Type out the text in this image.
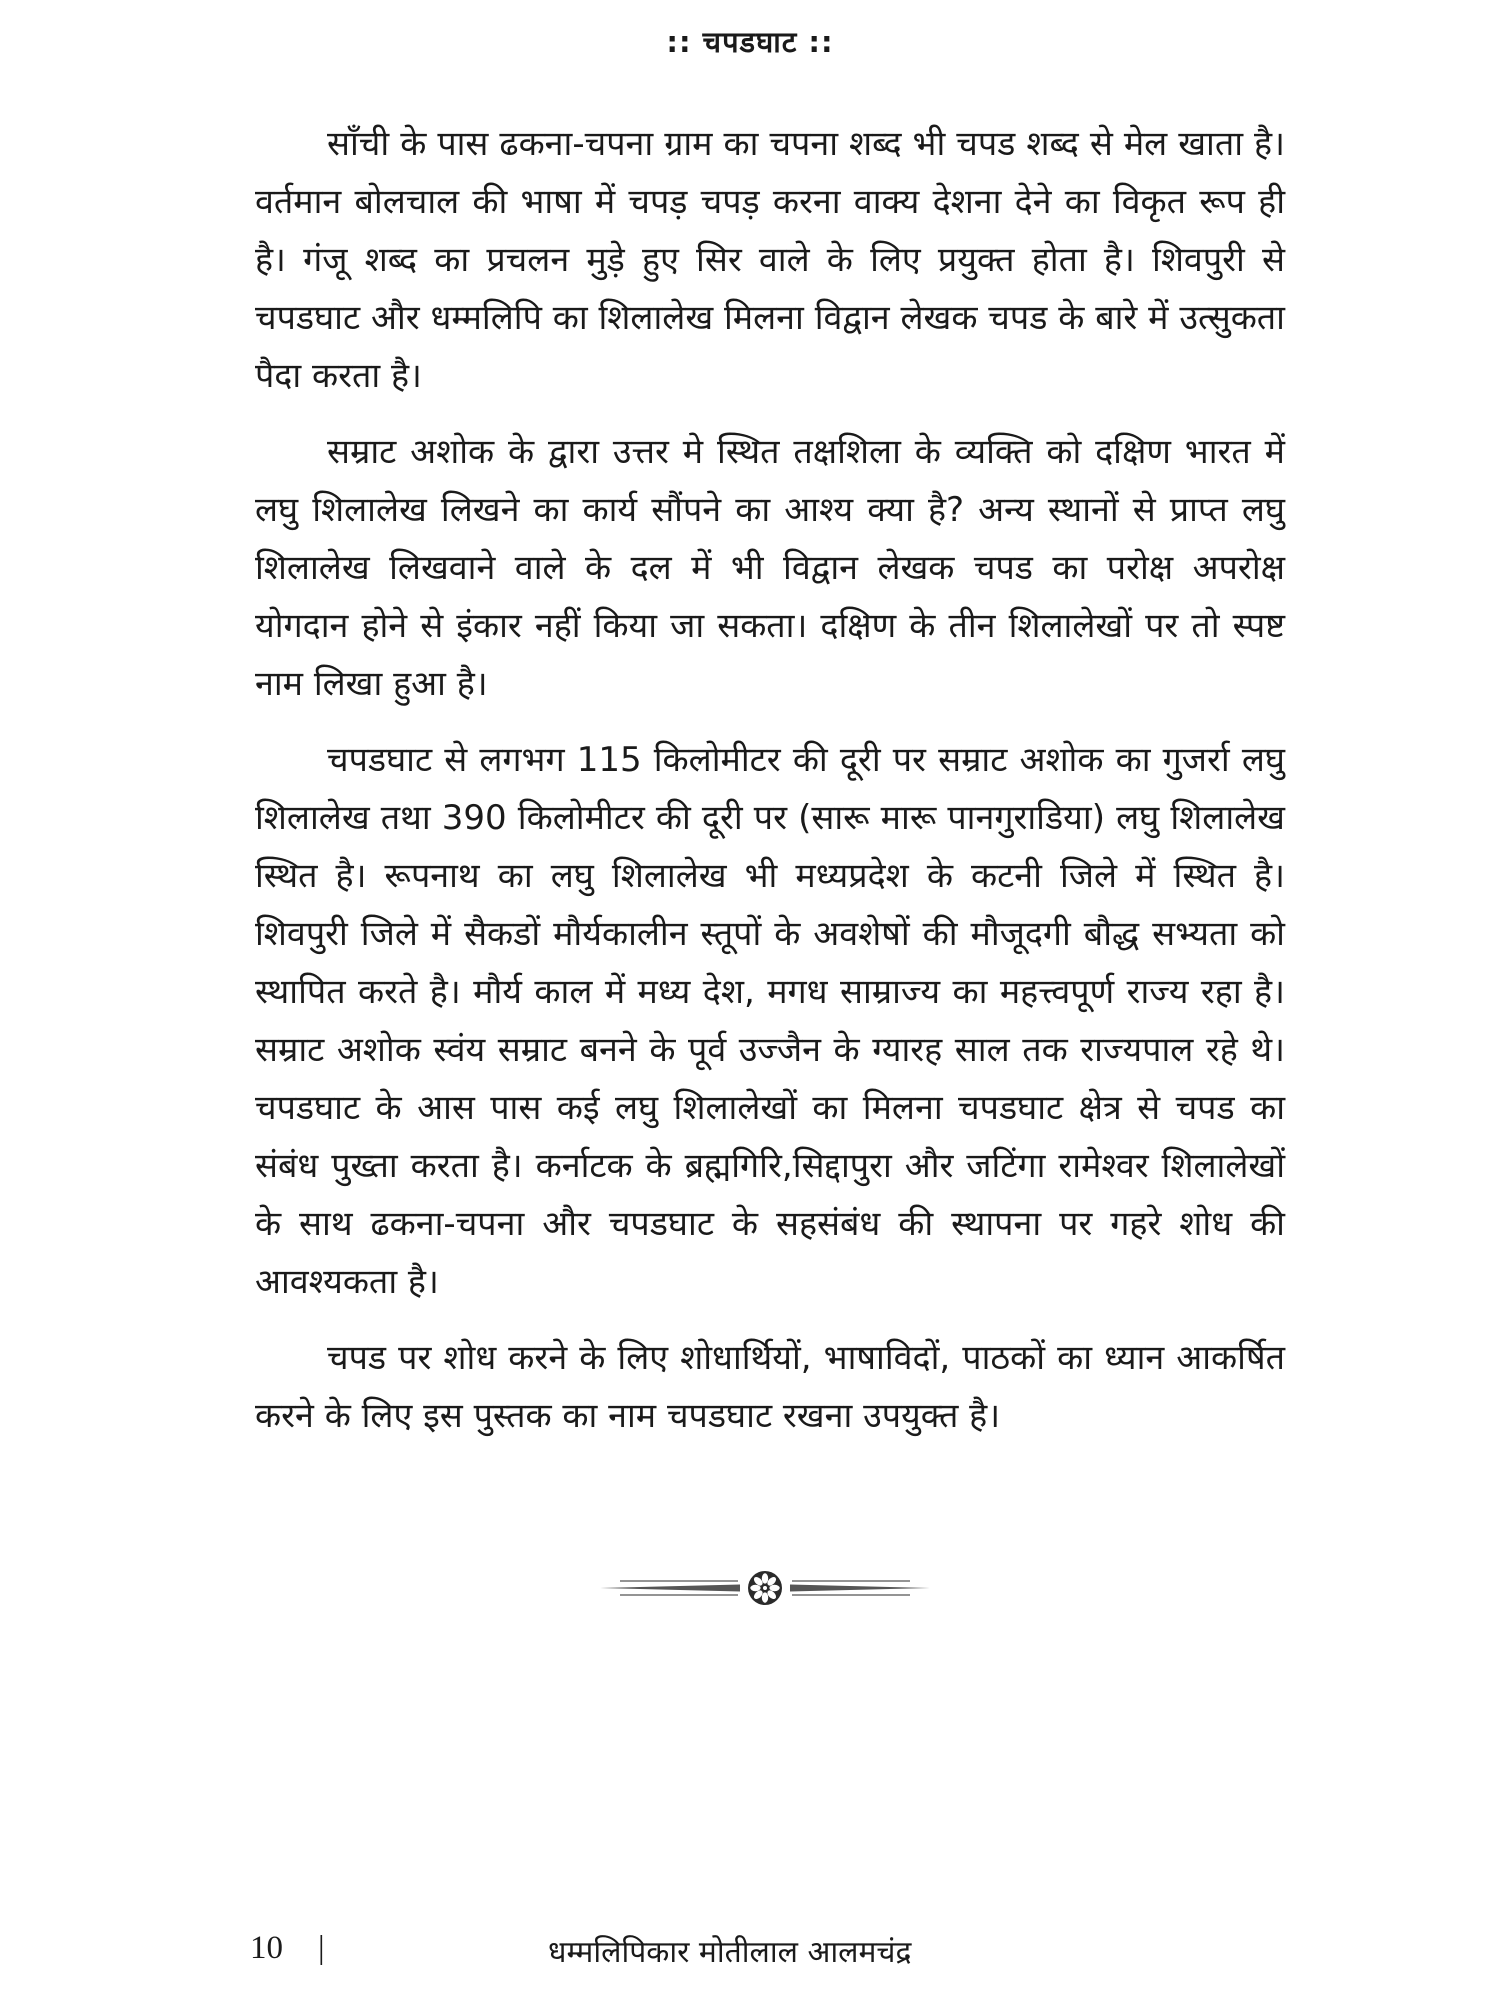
:: चपडघाट ::

साँची के पास ढकना-चपना ग्राम का चपना शब्द भी चपड शब्द से मेल खाता है।वर्तमान बोलचाल की भाषा में चपड़ चपड़ करना वाक्य देशना देने का विकृत रूप ही है। गंजू शब्द का प्रचलन मुड़े हुए सिर वाले के लिए प्रयुक्त होता है। शिवपुरी से चपडघाट और धम्मलिपि का शिलालेख मिलना विद्वान लेखक चपड के बारे में उत्सुकता पैदा करता है।

सम्राट अशोक के द्वारा उत्तर मे स्थित तक्षशिला के व्यक्ति को दक्षिण भारत में लघु शिलालेख लिखने का कार्य सौंपने का आश्य क्या है? अन्य स्थानों से प्राप्त लघु शिलालेख लिखवाने वाले के दल में भी विद्वान लेखक चपड का परोक्ष अपरोक्ष योगदान होने से इंकार नहीं किया जा सकता। दक्षिण के तीन शिलालेखों पर तो स्पष्ट नाम लिखा हुआ है।

चपडघाट से लगभग 115 किलोमीटर की दूरी पर सम्राट अशोक का गुजर्रा लघु शिलालेख तथा 390 किलोमीटर की दूरी पर (सारू मारू पानगुराडिया) लघु शिलालेख स्थित है। रूपनाथ का लघु शिलालेख भी मध्यप्रदेश के कटनी जिले में स्थित है। शिवपुरी जिले में सैकडों मौर्यकालीन स्तूपों के अवशेषों की मौजूदगी बौद्ध सभ्यता को स्थापित करते है। मौर्य काल में मध्य देश, मगध साम्राज्य का महत्त्वपूर्ण राज्य रहा है। सम्राट अशोक स्वंय सम्राट बनने के पूर्व उज्जैन के ग्यारह साल तक राज्यपाल रहे थे। चपडघाट के आस पास कई लघु शिलालेखों का मिलना चपडघाट क्षेत्र से चपड का संबंध पुख्ता करता है। कर्नाटक के ब्रह्मगिरि,सिद्दापुरा और जटिंगा रामेश्वर शिलालेखों के साथ ढकना-चपना और चपडघाट के सहसंबंध की स्थापना पर गहरे शोध की आवश्यकता है।

चपड पर शोध करने के लिए शोधार्थियों, भाषाविदों, पाठकों का ध्यान आकर्षित करने के लिए इस पुस्तक का नाम चपडघाट रखना उपयुक्त है।

10 |	धम्मलिपिकार मोतीलाल आलमचंद्र
